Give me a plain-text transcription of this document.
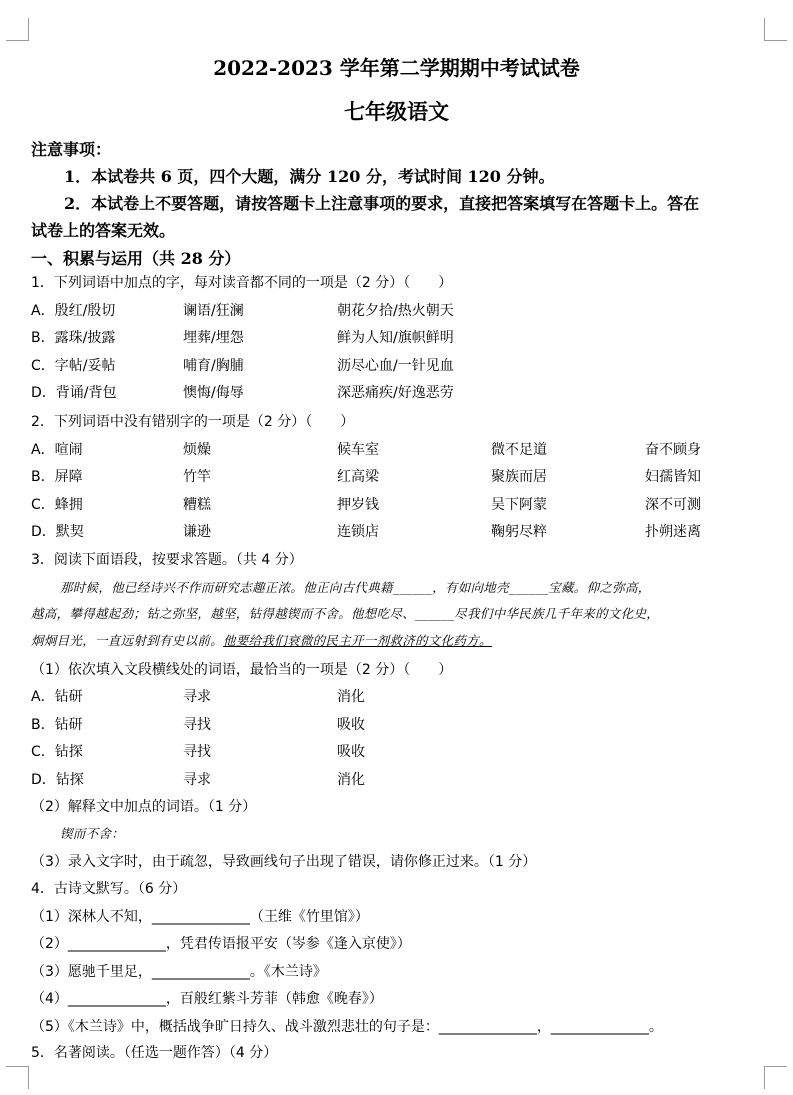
2022-2023 学年第二学期期中考试试卷
七年级语文
注意事项：
1．本试卷共 6 页，四个大题，满分 120 分，考试时间 120 分钟。
2．本试卷上不要答题，请按答题卡上注意事项的要求，直接把答案填写在答题卡上。答在
试卷上的答案无效。
一、积累与运用（共 28 分）
1．下列词语中加点的字，每对读音都不同的一项是（2 分）（　　）
A．殷红/殷切	谰语/狂澜	朝花夕拾/热火朝天
B．露珠/披露	埋葬/埋怨	鲜为人知/旗帜鲜明
C．字帖/妥帖	哺育/胸脯	沥尽心血/一针见血
D．背诵/背包	懊悔/侮辱	深恶痛疾/好逸恶劳
2．下列词语中没有错别字的一项是（2 分）（　　）
A．喧闹	烦燥	候车室	微不足道	奋不顾身
B．屏障	竹竿	红高梁	聚族而居	妇孺皆知
C．蜂拥	糟糕	押岁钱	吴下阿蒙	深不可测
D．默契	谦逊	连锁店	鞠躬尽粹	扑朔迷离
3．阅读下面语段，按要求答题。（共 4 分）
那时候，他已经诗兴不作而研究志趣正浓。他正向古代典籍______，有如向地壳______宝藏。仰之弥高，
越高，攀得越起劲；钻之弥坚，越坚，钻得越锲而不舍。他想吃尽、______尽我们中华民族几千年来的文化史，
炯炯目光，一直远射到有史以前。他要给我们衰微的民主开一剂救济的文化药方。
（1）依次填入文段横线处的词语，最恰当的一项是（2 分）（　　）
A．钻研	寻求	消化
B．钻研	寻找	吸收
C．钻探	寻找	吸收
D．钻探	寻求	消化
（2）解释文中加点的词语。（1 分）
锲而不舍：
（3）录入文字时，由于疏忽，导致画线句子出现了错误，请你修正过来。（1 分）
4．古诗文默写。（6 分）
（1）深林人不知，______________（王维《竹里馆》）
（2）______________，凭君传语报平安（岑参《逢入京使》）
（3）愿驰千里足，______________。《木兰诗》
（4）______________，百般红紫斗芳菲（韩愈《晚春》）
（5）《木兰诗》中，概括战争旷日持久、战斗激烈悲壮的句子是：______________，______________。
5．名著阅读。（任选一题作答）（4 分）
